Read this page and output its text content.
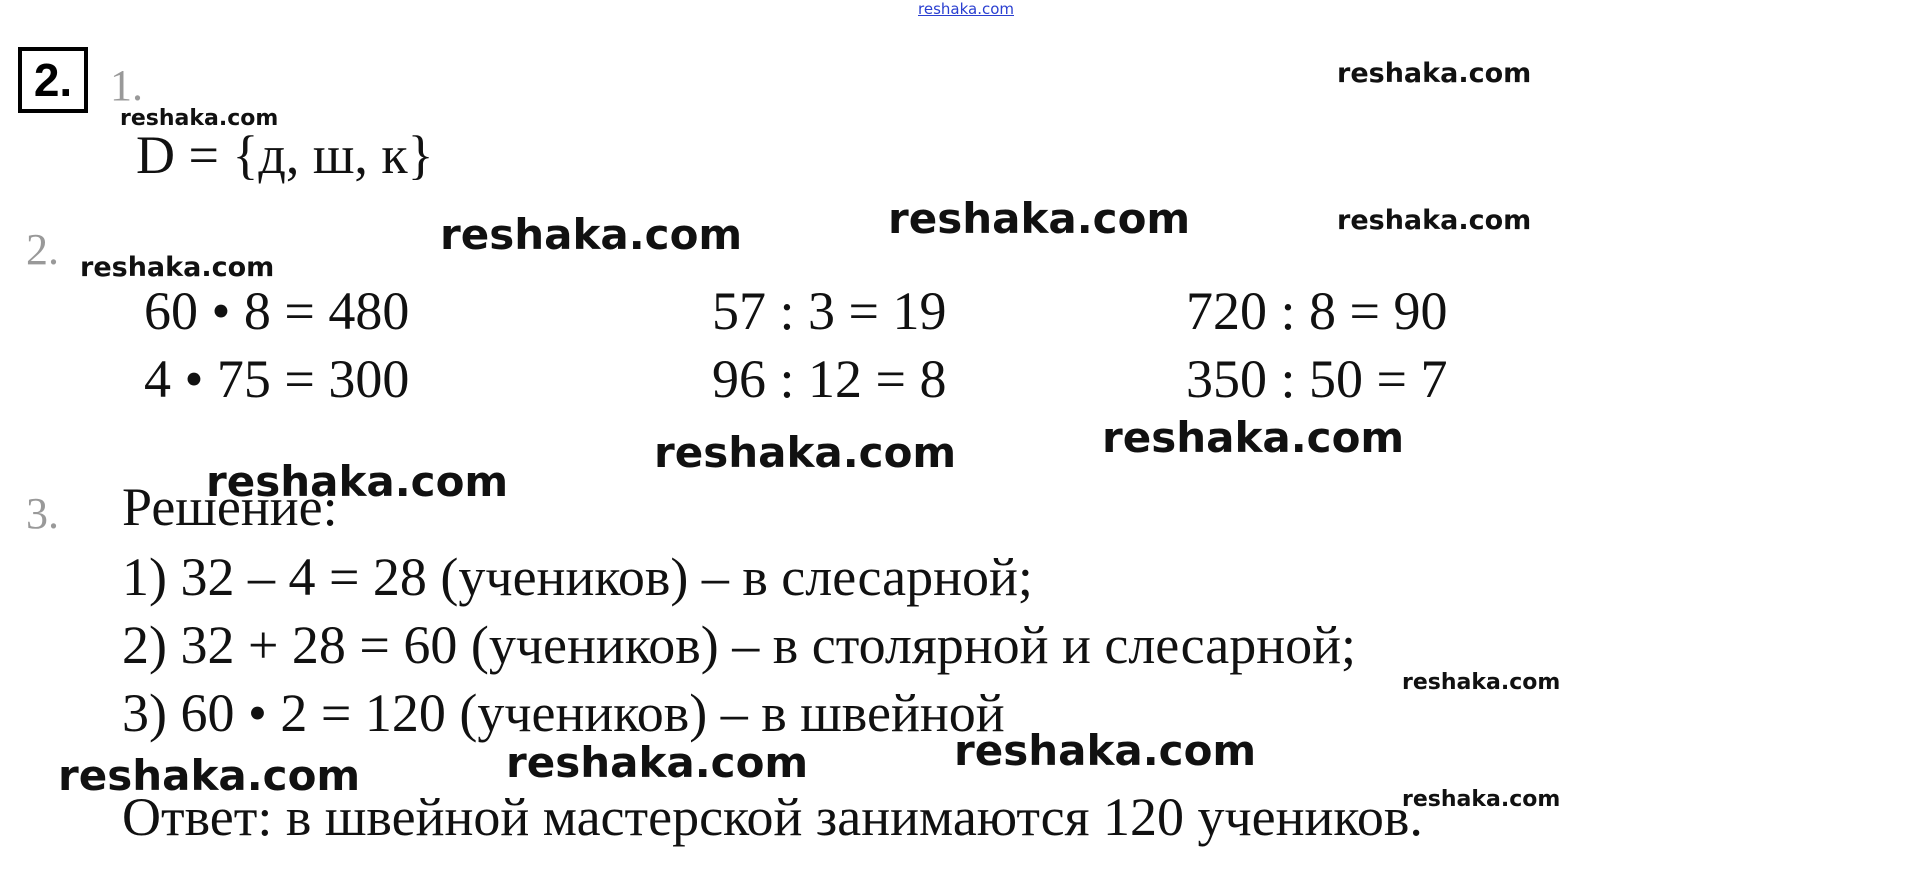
reshaka.com
2. 1.
D = {д, ш, к}
2.
60 • 8 = 480	57 : 3 = 19	720 : 8 = 90
4 • 75 = 300	96 : 12 = 8	350 : 50 = 7
3. Решение:
1) 32 – 4 = 28 (учеников) – в слесарной;
2) 32 + 28 = 60 (учеников) – в столярной и слесарной;
3) 60 • 2 = 120 (учеников) – в швейной
Ответ: в швейной мастерской занимаются 120 учеников.
reshaka.com
reshaka.com
reshaka.com	reshaka.com	reshaka.com
reshaka.com
reshaka.com	reshaka.com
reshaka.com
reshaka.com
reshaka.com	reshaka.com	reshaka.com
reshaka.com
